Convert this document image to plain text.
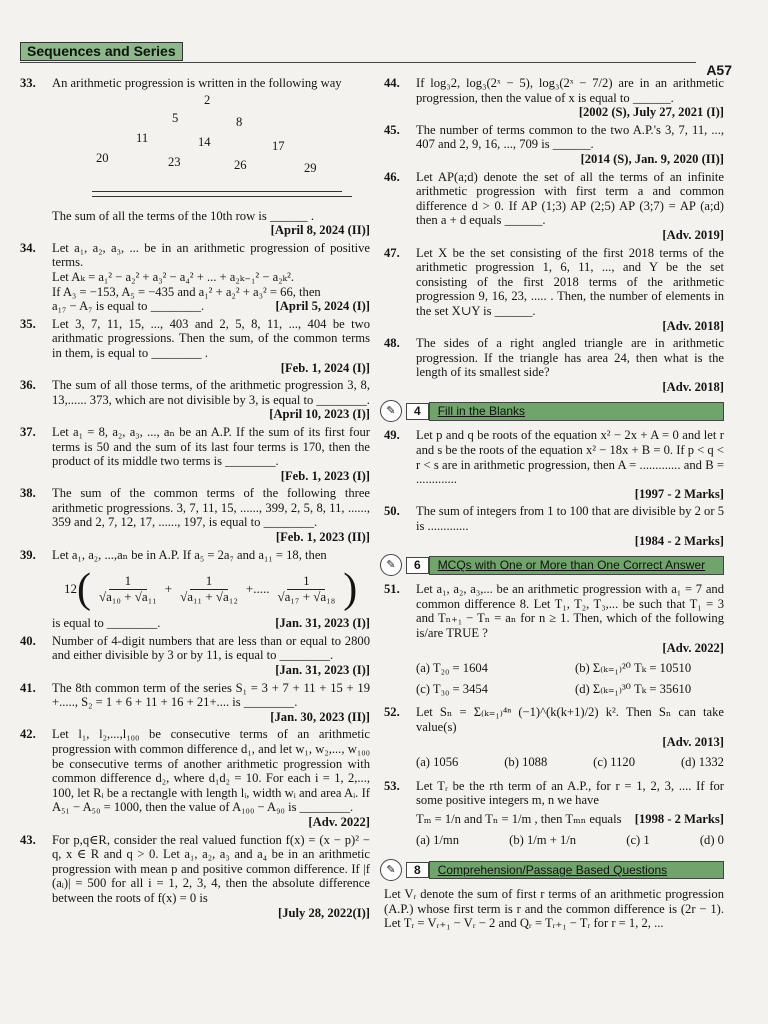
Sequences and Series
A57
33.	An arithmetic progression is written in the following way
2
5	8
11	14	17
20	23	26	29
The sum of all the terms of the 10th row is ______ .
[April 8, 2024 (II)]
34.	Let a₁, a₂, a₃, ... be in an arithmetic progression of positive terms.
Let Aₖ = a₁² − a₂² + a₃² − a₄² + ... + a₂ₖ₋₁² − a₂ₖ².
If A₃ = −153, A₅ = −435 and a₁² + a₂² + a₃² = 66, then
a₁₇ − A₇ is equal to ________.	[April 5, 2024 (I)]
35.	Let 3, 7, 11, 15, ..., 403 and 2, 5, 8, 11, ..., 404 be two arithmatic progressions. Then the sum, of the common terms in them, is equal to ________ .
[Feb. 1, 2024 (I)]
36.	The sum of all those terms, of the arithmetic progression 3, 8, 13,...... 373, which are not divisible by 3, is equal to ________.
[April 10, 2023 (I)]
37.	Let a₁ = 8, a₂, a₃, ..., aₙ be an A.P. If the sum of its first four terms is 50 and the sum of its last four terms is 170, then the product of its middle two terms is ________.
[Feb. 1, 2023 (I)]
38.	The sum of the common terms of the following three arithmetic progressions. 3, 7, 11, 15, ......, 399, 2, 5, 8, 11, ......, 359 and 2, 7, 12, 17, ......, 197, is equal to ________.
[Feb. 1, 2023 (II)]
39.	Let a₁, a₂, ...,aₙ be in A.P. If a₅ = 2a₇ and a₁₁ = 18, then
12 ( $\frac{1}{\text{√a₁₀ + √a₁₁}} + \frac{1}{\text{√a₁₁ + √a₁₂}}$ +..... $\frac{1}{\text{√a₁₇ + √a₁₈}}$ )
is equal to ________.	[Jan. 31, 2023 (I)]
40.	Number of 4-digit numbers that are less than or equal to 2800 and either divisible by 3 or by 11, is equal to ________.
[Jan. 31, 2023 (I)]
41.	The 8th common term of the series S₁ = 3 + 7 + 11 + 15 + 19 +....., S₂ = 1 + 6 + 11 + 16 + 21+.... is ________.
[Jan. 30, 2023 (II)]
42.	Let l₁, l₂,...,l₁₀₀ be consecutive terms of an arithmetic progression with common difference d₁, and let w₁, w₂,..., w₁₀₀ be consecutive terms of another arithmetic progression with common difference d₂, where d₁d₂ = 10. For each i = 1, 2,..., 100, let Rᵢ be a rectangle with length lᵢ, width wᵢ and area Aᵢ. If A₅₁ − A₅₀ = 1000, then the value of A₁₀₀ − A₉₀ is ________.
[Adv. 2022]
43.	For p,q∈R, consider the real valued function f(x) = (x − p)² − q, x ∈ R and q > 0. Let a₁, a₂, a₃ and a₄ be in an arithmetic progression with mean p and positive common difference. If |f (aᵢ)| = 500 for all i = 1, 2, 3, 4, then the absolute difference between the roots of f(x) = 0 is
[July 28, 2022(I)]
44.	If log₃2, log₃(2ˣ − 5), log₃(2ˣ − 7/2) are in an arithmetic progression, then the value of x is equal to ______.
[2002 (S), July 27, 2021 (I)]
45.	The number of terms common to the two A.P.'s 3, 7, 11, ..., 407 and 2, 9, 16, ..., 709 is ______.
[2014 (S), Jan. 9, 2020 (II)]
46.	Let AP(a;d) denote the set of all the terms of an infinite arithmetic progression with first term a and common difference d > 0. If AP (1;3) AP (2;5) AP (3;7) = AP (a;d) then a + d equals ______.
[Adv. 2019]
47.	Let X be the set consisting of the first 2018 terms of the arithmetic progression 1, 6, 11, ..., and Y be the set consisting of the first 2018 terms of the arithmetic progression 9, 16, 23, ..... . Then, the number of elements in the set X∪Y is ______.
[Adv. 2018]
48.	The sides of a right angled triangle are in arithmetic progression. If the triangle has area 24, then what is the length of its smallest side?
[Adv. 2018]
✎	4	Fill in the Blanks
49.	Let p and q be roots of the equation x² − 2x + A = 0 and let r and s be the roots of the equation x² − 18x + B = 0. If p < q < r < s are in arithmetic progression, then A = ............. and B = .............
[1997 - 2 Marks]
50.	The sum of integers from 1 to 100 that are divisible by 2 or 5 is .............
[1984 - 2 Marks]
✎	6	MCQs with One or More than One Correct Answer
51.	Let a₁, a₂, a₃,... be an arithmetic progression with a₁ = 7 and common difference 8. Let T₁, T₂, T₃,... be such that T₁ = 3 and Tₙ₊₁ − Tₙ = aₙ for n ≥ 1. Then, which of the following is/are TRUE ?
[Adv. 2022]
(a) T₂₀ = 1604	(b) Σ₍ₖ₌₁₎²⁰ Tₖ = 10510
(c) T₃₀ = 3454	(d) Σ₍ₖ₌₁₎³⁰ Tₖ = 35610
52.	Let Sₙ = Σ₍ₖ₌₁₎⁴ⁿ (−1)^(k(k+1)/2) k². Then Sₙ can take value(s)
[Adv. 2013]
(a) 1056	(b) 1088	(c) 1120	(d) 1332
53.	Let Tᵣ be the rth term of an A.P., for r = 1, 2, 3, .... If for some positive integers m, n we have
Tₘ = 1/n and Tₙ = 1/m , then Tₘₙ equals [1998 - 2 Marks]
(a) 1/mn	(b) 1/m + 1/n	(c) 1	(d) 0
✎	8	Comprehension/Passage Based Questions
Let Vᵣ denote the sum of first r terms of an arithmetic progression (A.P.) whose first term is r and the common difference is (2r − 1). Let Tᵣ = Vᵣ₊₁ − Vᵣ − 2 and Qᵣ = Tᵣ₊₁ − Tᵣ for r = 1, 2, ...
